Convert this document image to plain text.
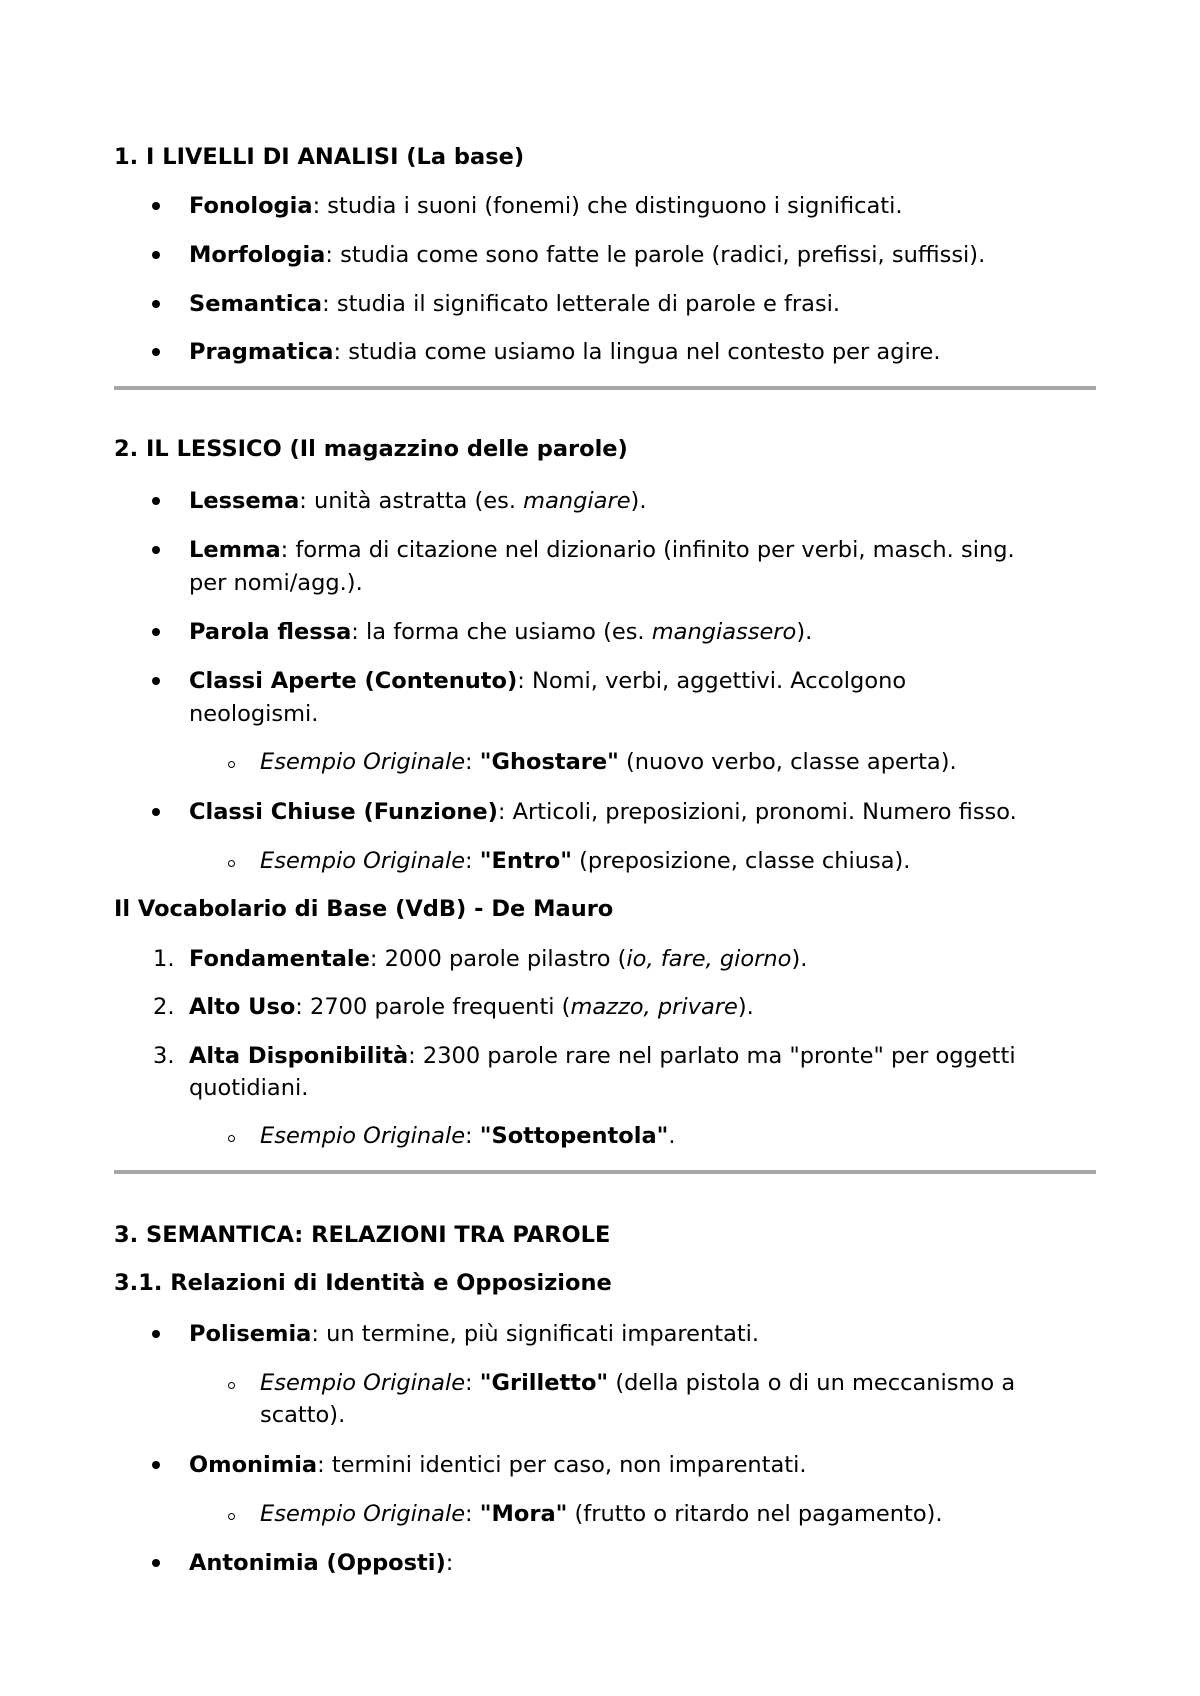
1. I LIVELLI DI ANALISI (La base)
Fonologia: studia i suoni (fonemi) che distinguono i significati.
Morfologia: studia come sono fatte le parole (radici, prefissi, suffissi).
Semantica: studia il significato letterale di parole e frasi.
Pragmatica: studia come usiamo la lingua nel contesto per agire.
2. IL LESSICO (Il magazzino delle parole)
Lessema: unità astratta (es. mangiare).
Lemma: forma di citazione nel dizionario (infinito per verbi, masch. sing.
per nomi/agg.).
Parola flessa: la forma che usiamo (es. mangiassero).
Classi Aperte (Contenuto): Nomi, verbi, aggettivi. Accolgono
neologismi.
Esempio Originale: "Ghostare" (nuovo verbo, classe aperta).
Classi Chiuse (Funzione): Articoli, preposizioni, pronomi. Numero fisso.
Esempio Originale: "Entro" (preposizione, classe chiusa).
Il Vocabolario di Base (VdB) - De Mauro
1. Fondamentale: 2000 parole pilastro (io, fare, giorno).
2. Alto Uso: 2700 parole frequenti (mazzo, privare).
3. Alta Disponibilità: 2300 parole rare nel parlato ma "pronte" per oggetti
quotidiani.
Esempio Originale: "Sottopentola".
3. SEMANTICA: RELAZIONI TRA PAROLE
3.1. Relazioni di Identità e Opposizione
Polisemia: un termine, più significati imparentati.
Esempio Originale: "Grilletto" (della pistola o di un meccanismo a
scatto).
Omonimia: termini identici per caso, non imparentati.
Esempio Originale: "Mora" (frutto o ritardo nel pagamento).
Antonimia (Opposti):
